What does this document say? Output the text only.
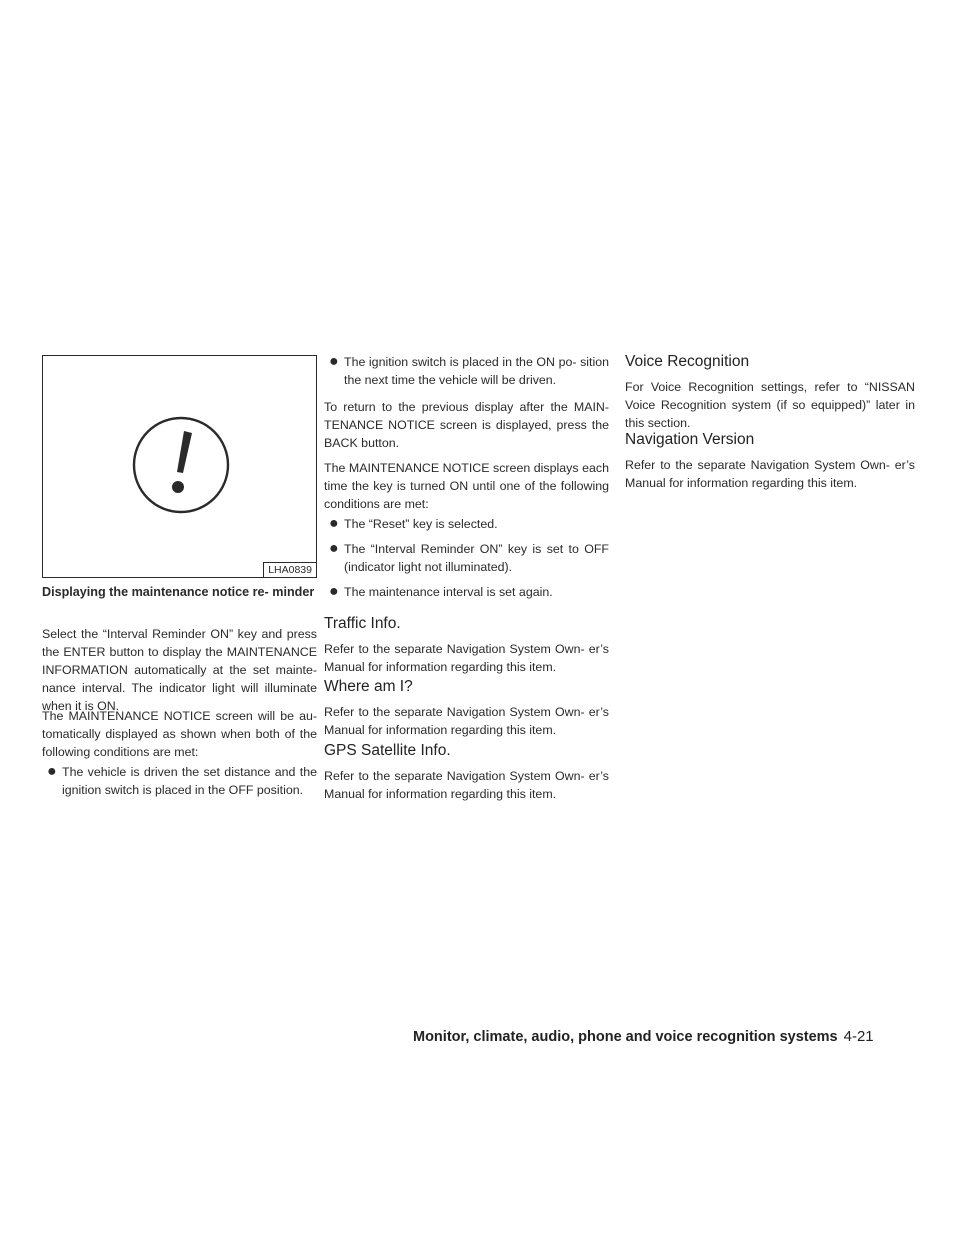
LHA0839

Displaying the maintenance notice re- minder

Select the “Interval Reminder ON” key and press the ENTER button to display the MAINTENANCE INFORMATION automatically at the set mainte- nance interval. The indicator light will illuminate when it is ON.

The MAINTENANCE NOTICE screen will be au- tomatically displayed as shown when both of the following conditions are met:

● The vehicle is driven the set distance and the ignition switch is placed in the OFF position.

● The ignition switch is placed in the ON po- sition the next time the vehicle will be driven.

To return to the previous display after the MAIN- TENANCE NOTICE screen is displayed, press the BACK button.

The MAINTENANCE NOTICE screen displays each time the key is turned ON until one of the following conditions are met:

● The “Reset” key is selected.

● The “Interval Reminder ON” key is set to OFF (indicator light not illuminated).

● The maintenance interval is set again.

Traffic Info.

Refer to the separate Navigation System Own- er’s Manual for information regarding this item.

Where am I?

Refer to the separate Navigation System Own- er’s Manual for information regarding this item.

GPS Satellite Info.

Refer to the separate Navigation System Own- er’s Manual for information regarding this item.

Voice Recognition

For Voice Recognition settings, refer to “NISSAN Voice Recognition system (if so equipped)” later in this section.

Navigation Version

Refer to the separate Navigation System Own- er’s Manual for information regarding this item.

Monitor, climate, audio, phone and voice recognition systems 4-21
